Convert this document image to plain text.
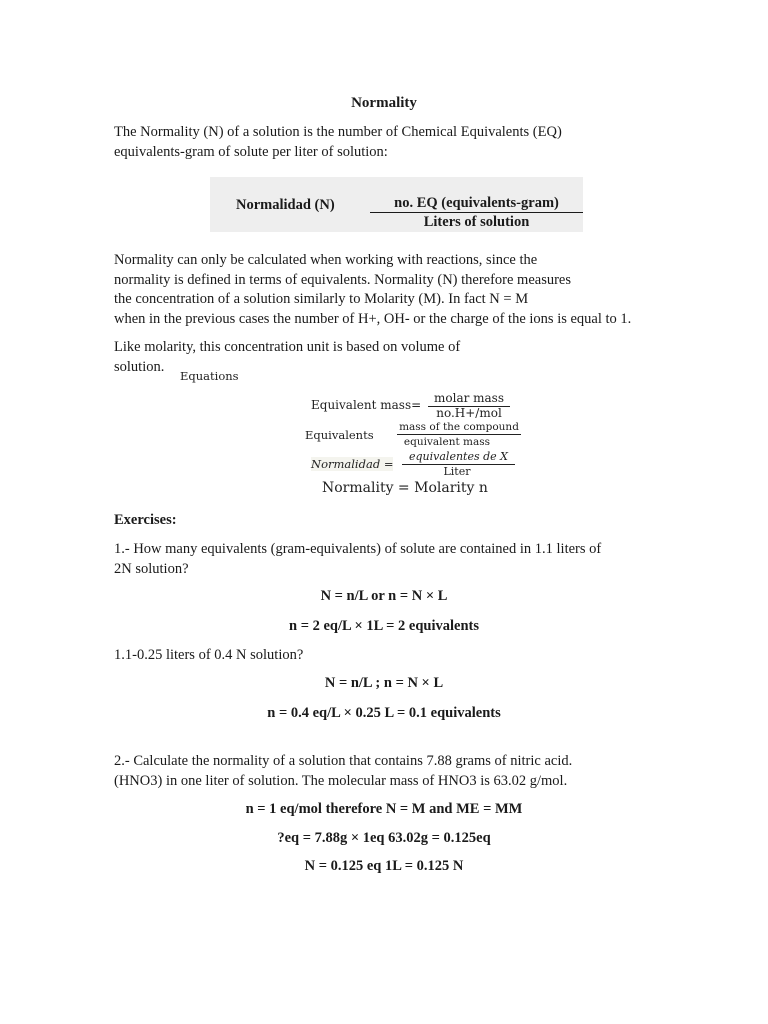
Normality
The Normality (N) of a solution is the number of Chemical Equivalents (EQ)
equivalents-gram of solute per liter of solution:
Normalidad (N)	no. EQ (equivalents-gram)
Liters of solution
Normality can only be calculated when working with reactions, since the
normality is defined in terms of equivalents. Normality (N) therefore measures
the concentration of a solution similarly to Molarity (M). In fact N = M
when in the previous cases the number of H+, OH- or the charge of the ions is equal to 1.
Like molarity, this concentration unit is based on volume of
solution.
Equations
Equivalent mass=	molar mass
no.H+/mol
Equivalents
mass of the compound
equivalent mass
Normalidad =
equivalentes de X
Liter
Normality = Molarity n
Exercises:
1.- How many equivalents (gram-equivalents) of solute are contained in 1.1 liters of
2N solution?
N = n/L or n = N × L
n = 2 eq/L × 1L = 2 equivalents
1.1-0.25 liters of 0.4 N solution?
N = n/L ; n = N × L
n = 0.4 eq/L × 0.25 L = 0.1 equivalents
2.- Calculate the normality of a solution that contains 7.88 grams of nitric acid.
(HNO3) in one liter of solution. The molecular mass of HNO3 is 63.02 g/mol.
n = 1 eq/mol therefore N = M and ME = MM
?eq = 7.88g × 1eq 63.02g = 0.125eq
N = 0.125 eq 1L = 0.125 N
